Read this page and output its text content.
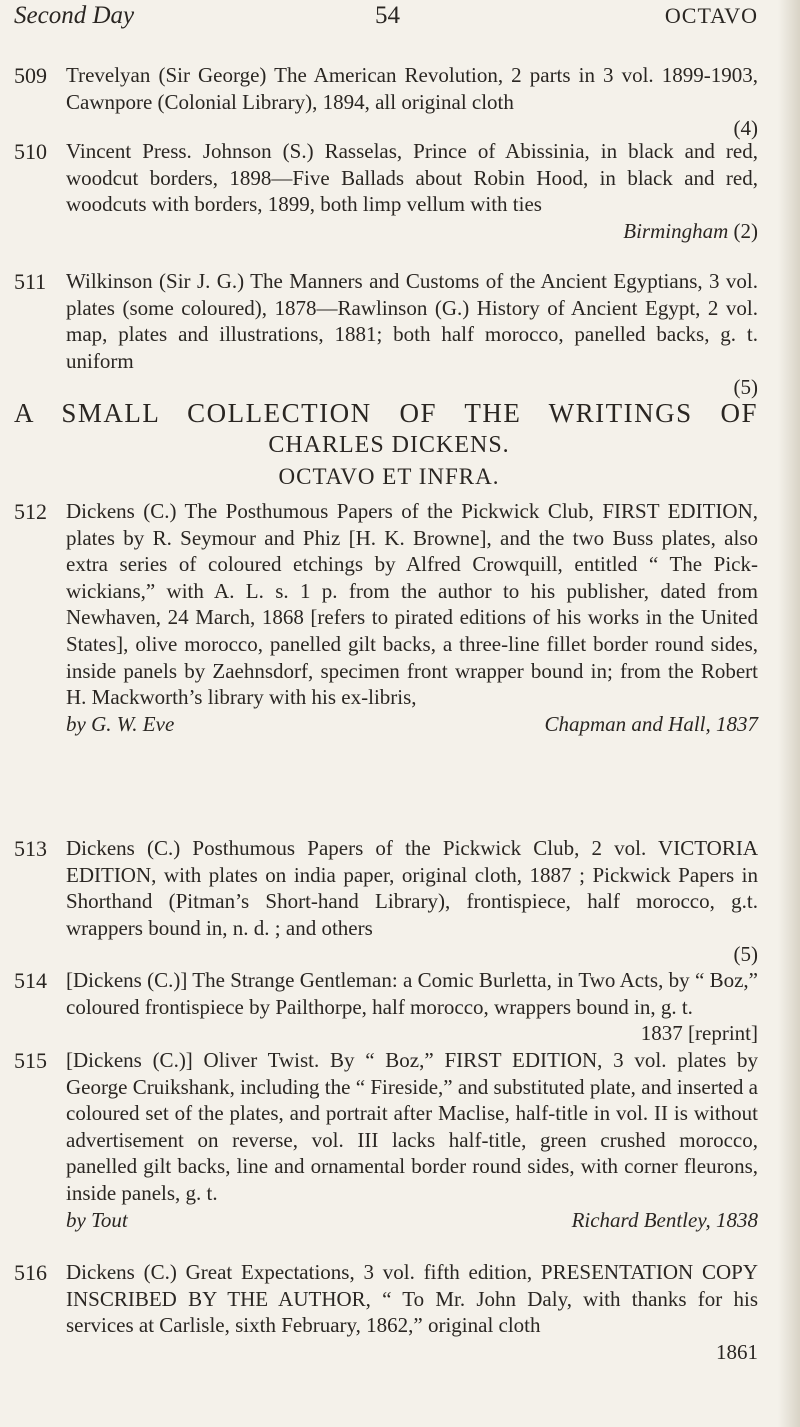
Second Day	54	OCTAVO
509 Trevelyan (Sir George) The American Revolution, 2 parts in 3 vol. 1899-1903, Cawnpore (Colonial Library), 1894, all original cloth
(4)
510 Vincent Press. Johnson (S.) Rasselas, Prince of Abissinia, in black and red, woodcut borders, 1898—Five Ballads about Robin Hood, in black and red, woodcuts with borders, 1899, both limp vellum with ties
Birmingham (2)
511 Wilkinson (Sir J. G.) The Manners and Customs of the Ancient Egyptians, 3 vol. plates (some coloured), 1878—Rawlinson (G.) History of Ancient Egypt, 2 vol. map, plates and illustrations, 1881; both half morocco, panelled backs, g. t. uniform
(5)
A SMALL COLLECTION OF THE WRITINGS OF
CHARLES DICKENS.
OCTAVO ET INFRA.
512 Dickens (C.) The Posthumous Papers of the Pickwick Club, FIRST EDITION, plates by R. Seymour and Phiz [H. K. Browne], and the two Buss plates, also extra series of coloured etchings by Alfred Crowquill, entitled “ The Pick-wickians,” with A. L. s. 1 p. from the author to his publisher, dated from Newhaven, 24 March, 1868 [refers to pirated editions of his works in the United States], olive morocco, panelled gilt backs, a three-line fillet border round sides, inside panels by Zaehnsdorf, specimen front wrapper bound in; from the Robert H. Mackworth’s library with his ex-libris,
by G. W. Eve	Chapman and Hall, 1837
513 Dickens (C.) Posthumous Papers of the Pickwick Club, 2 vol. VICTORIA EDITION, with plates on india paper, original cloth, 1887 ; Pickwick Papers in Shorthand (Pitman’s Short-hand Library), frontispiece, half morocco, g.t. wrappers bound in, n. d. ; and others
(5)
514 [Dickens (C.)] The Strange Gentleman: a Comic Burletta, in Two Acts, by “ Boz,” coloured frontispiece by Pailthorpe, half morocco, wrappers bound in, g. t.
1837 [reprint]
515 [Dickens (C.)] Oliver Twist. By “ Boz,” FIRST EDITION, 3 vol. plates by George Cruikshank, including the “ Fireside,” and substituted plate, and inserted a coloured set of the plates, and portrait after Maclise, half-title in vol. II is without advertisement on reverse, vol. III lacks half-title, green crushed morocco, panelled gilt backs, line and ornamental border round sides, with corner fleurons, inside panels, g. t.
by Tout	Richard Bentley, 1838
516 Dickens (C.) Great Expectations, 3 vol. fifth edition, PRESENTATION COPY INSCRIBED BY THE AUTHOR, “ To Mr. John Daly, with thanks for his services at Carlisle, sixth February, 1862,” original cloth
1861
